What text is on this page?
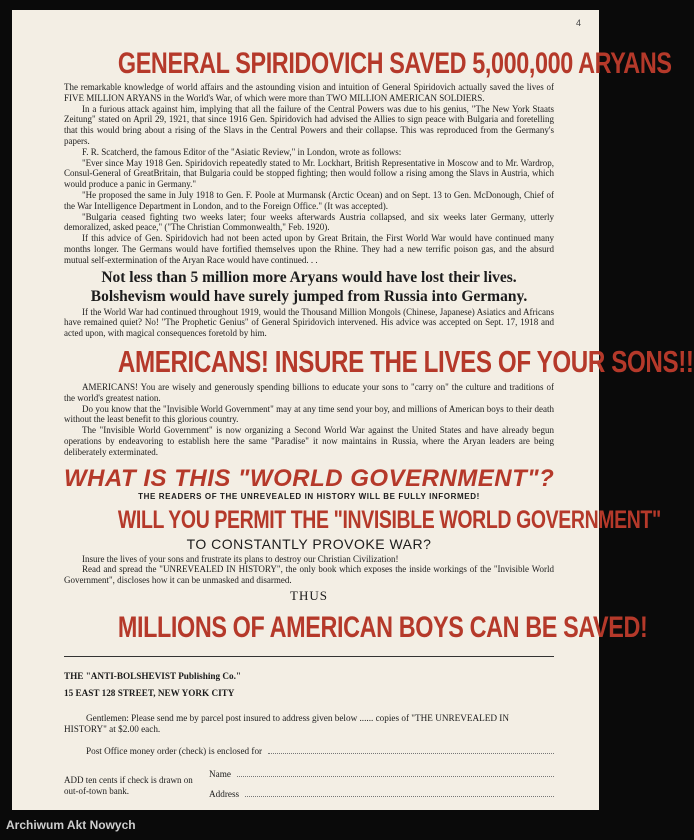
4
GENERAL SPIRIDOVICH SAVED 5,000,000 ARYANS

The remarkable knowledge of world affairs and the astounding vision and intuition of General Spiridovich actually saved the lives of FIVE MILLION ARYANS in the World's War, of which were more than TWO MILLION AMERICAN SOLDIERS.

In a furious attack against him, implying that all the failure of the Central Powers was due to his genius, "The New York Staats Zeitung" stated on April 29, 1921, that since 1916 Gen. Spiridovich had advised the Allies to sign peace with Bulgaria and foretelling that this would bring about a rising of the Slavs in the Central Powers and their collapse. This was reproduced from the Germany's papers.

F. R. Scatcherd, the famous Editor of the "Asiatic Review," in London, wrote as follows:

"Ever since May 1918 Gen. Spiridovich repeatedly stated to Mr. Lockhart, British Representative in Moscow and to Mr. Wardrop, Consul-General of GreatBritain, that Bulgaria could be stopped fighting; then would follow a rising among the Slavs in Austria, which would produce a panic in Germany."

"He proposed the same in July 1918 to Gen. F. Poole at Murmansk (Arctic Ocean) and on Sept. 13 to Gen. McDonough, Chief of the War Intelligence Department in London, and to the Foreign Office." (It was accepted).

"Bulgaria ceased fighting two weeks later; four weeks afterwards Austria collapsed, and six weeks later Germany, utterly demoralized, asked peace," ("The Christian Commonwealth," Feb. 1920).

If this advice of Gen. Spiridovich had not been acted upon by Great Britain, the First World War would have continued many months longer. The Germans would have fortified themselves upon the Rhine. They had a new terrific poison gas, and the absurd mutual self-extermination of the Aryan Race would have continued. . .

Not less than 5 million more Aryans would have lost their lives.
Bolshevism would have surely jumped from Russia into Germany.

If the World War had continued throughout 1919, would the Thousand Million Mongols (Chinese, Japanese) Asiatics and Africans have remained quiet? No! "The Prophetic Genius" of General Spiridovich intervened. His advice was accepted on Sept. 17, 1918 and acted upon, with magical consequences foretold by him.

AMERICANS! INSURE THE LIVES OF YOUR SONS!!

AMERICANS! You are wisely and generously spending billions to educate your sons to "carry on" the culture and traditions of the world's greatest nation.

Do you know that the "Invisible World Government" may at any time send your boy, and millions of American boys to their death without the least benefit to this glorious country.

The "Invisible World Government" is now organizing a Second World War against the United States and have already begun operations by endeavoring to establish here the same "Paradise" it now maintains in Russia, where the Aryan leaders are being deliberately exterminated.

WHAT IS THIS "WORLD GOVERNMENT"?
THE READERS OF THE UNREVEALED IN HISTORY WILL BE FULLY INFORMED!
WILL YOU PERMIT THE "INVISIBLE WORLD GOVERNMENT"
TO CONSTANTLY PROVOKE WAR?

Insure the lives of your sons and frustrate its plans to destroy our Christian Civilization!

Read and spread the "UNREVEALED IN HISTORY", the only book which exposes the inside workings of the "Invisible World Government", discloses how it can be unmasked and disarmed.

THUS
MILLIONS OF AMERICAN BOYS CAN BE SAVED!

THE "ANTI-BOLSHEVIST Publishing Co."

15 EAST 128 STREET, NEW YORK CITY

Gentlemen: Please send me by parcel post insured to address given below ...... copies of "THE UNREVEALED IN HISTORY" at $2.00 each.

Post Office money order (check) is enclosed for

ADD ten cents if check is drawn on out-of-town bank.

Name

Address

Archiwum Akt Nowych
